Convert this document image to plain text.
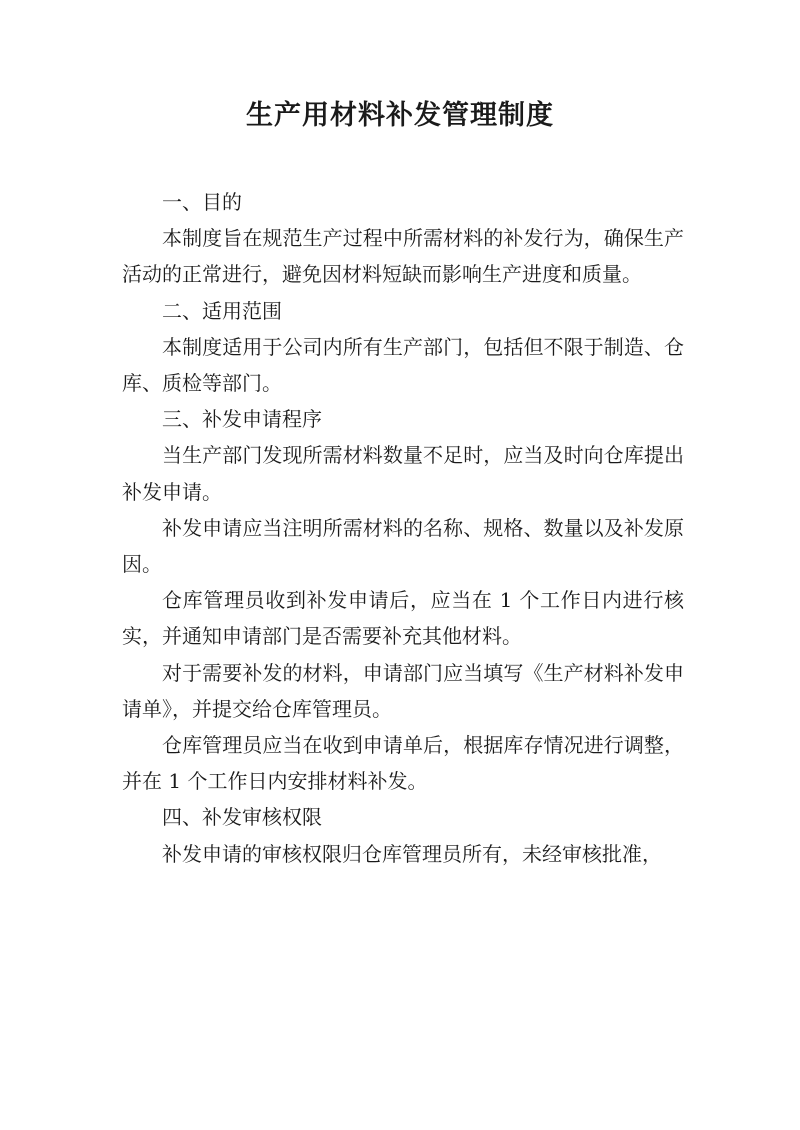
生产用材料补发管理制度

一、目的

本制度旨在规范生产过程中所需材料的补发行为，确保生产活动的正常进行，避免因材料短缺而影响生产进度和质量。

二、适用范围

本制度适用于公司内所有生产部门，包括但不限于制造、仓库、质检等部门。

三、补发申请程序

当生产部门发现所需材料数量不足时，应当及时向仓库提出补发申请。

补发申请应当注明所需材料的名称、规格、数量以及补发原因。

仓库管理员收到补发申请后，应当在 1 个工作日内进行核实，并通知申请部门是否需要补充其他材料。

对于需要补发的材料，申请部门应当填写《生产材料补发申请单》，并提交给仓库管理员。

仓库管理员应当在收到申请单后，根据库存情况进行调整，并在 1 个工作日内安排材料补发。

四、补发审核权限

补发申请的审核权限归仓库管理员所有，未经审核批准，
